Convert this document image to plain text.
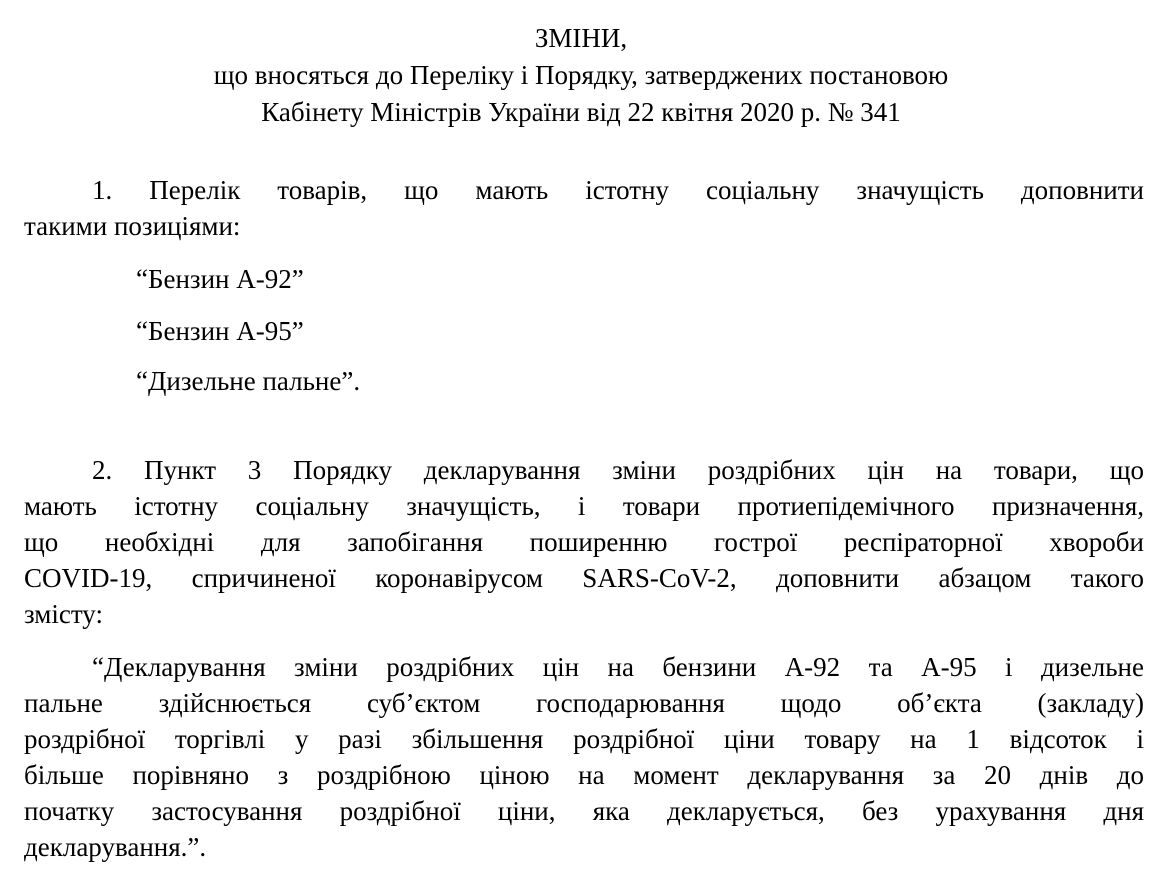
ЗМІНИ,
що вносяться до Переліку і Порядку, затверджених постановою
Кабінету Міністрів України від 22 квітня 2020 р. № 341
1. Перелік товарів, що мають істотну соціальну значущість доповнити
такими позиціями:
“Бензин А-92”
“Бензин А-95”
“Дизельне пальне”.
2. Пункт 3 Порядку декларування зміни роздрібних цін на товари, що
мають істотну соціальну значущість, і товари протиепідемічного призначення,
що необхідні для запобігання поширенню гострої респіраторної хвороби
COVID-19, спричиненої коронавірусом SARS-CoV-2, доповнити абзацом такого
змісту:
“Декларування зміни роздрібних цін на бензини А-92 та А-95 і дизельне
пальне здійснюється суб’єктом господарювання щодо об’єкта (закладу)
роздрібної торгівлі у разі збільшення роздрібної ціни товару на 1 відсоток і
більше порівняно з роздрібною ціною на момент декларування за 20 днів до
початку застосування роздрібної ціни, яка декларується, без урахування дня
декларування.”.
